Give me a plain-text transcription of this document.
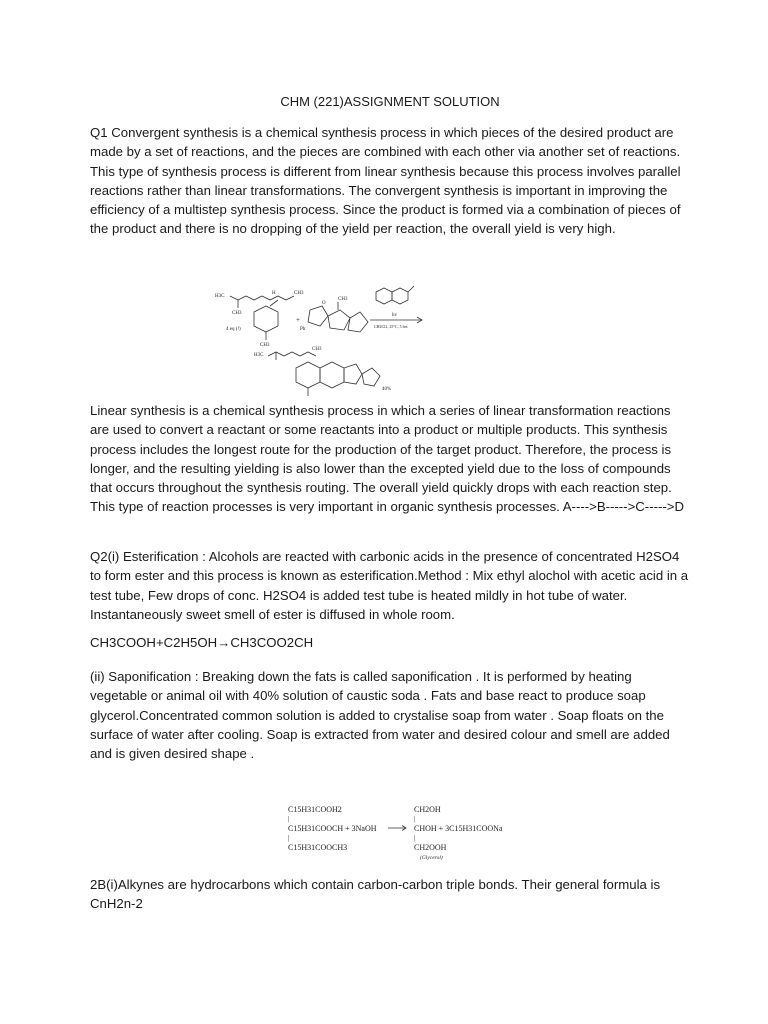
CHM (221)ASSIGNMENT SOLUTION

Q1 Convergent synthesis is a chemical synthesis process in which pieces of the desired product are made by a set of reactions, and the pieces are combined with each other via another set of reactions. This type of synthesis process is different from linear synthesis because this process involves parallel reactions rather than linear transformations. The convergent synthesis is important in improving the efficiency of a multistep synthesis process. Since the product is formed via a combination of pieces of the product and there is no dropping of the yield per reaction, the overall yield is very high.

H3C
CH3
H	CH3
4 eq (!)
+
O
CH3
Ph
hv
CH2Cl2, 25°C, 5 hrs
CH3
H3C
CH3
40%

Linear synthesis is a chemical synthesis process in which a series of linear transformation reactions are used to convert a reactant or some reactants into a product or multiple products. This synthesis process includes the longest route for the production of the target product. Therefore, the process is longer, and the resulting yielding is also lower than the excepted yield due to the loss of compounds that occurs throughout the synthesis routing. The overall yield quickly drops with each reaction step. This type of reaction processes is very important in organic synthesis processes. A---->B----->C----->D

Q2(i) Esterification : Alcohols are reacted with carbonic acids in the presence of concentrated H2SO4 to form ester and this process is known as esterification.Method : Mix ethyl alochol with acetic acid in a test tube, Few drops of conc. H2SO4 is added test tube is heated mildly in hot tube of water. Instantaneously sweet smell of ester is diffused in whole room.

CH3COOH+C2H5OH→CH3COO2CH

(ii) Saponification : Breaking down the fats is called saponification . It is performed by heating vegetable or animal oil with 40% solution of caustic soda . Fats and base react to produce soap glycerol.Concentrated common solution is added to crystalise soap from water . Soap floats on the surface of water after cooling. Soap is extracted from water and desired colour and smell are added and is given desired shape .

C15H31COOH2
|
C15H31COOCH + 3NaOH
|
C15H31COOCH3
CH2OH
|
CHOH + 3C15H31COONa
|
CH2OOH
(Glycerol)

2B(i)Alkynes are hydrocarbons which contain carbon-carbon triple bonds. Their general formula is CnH2n-2
